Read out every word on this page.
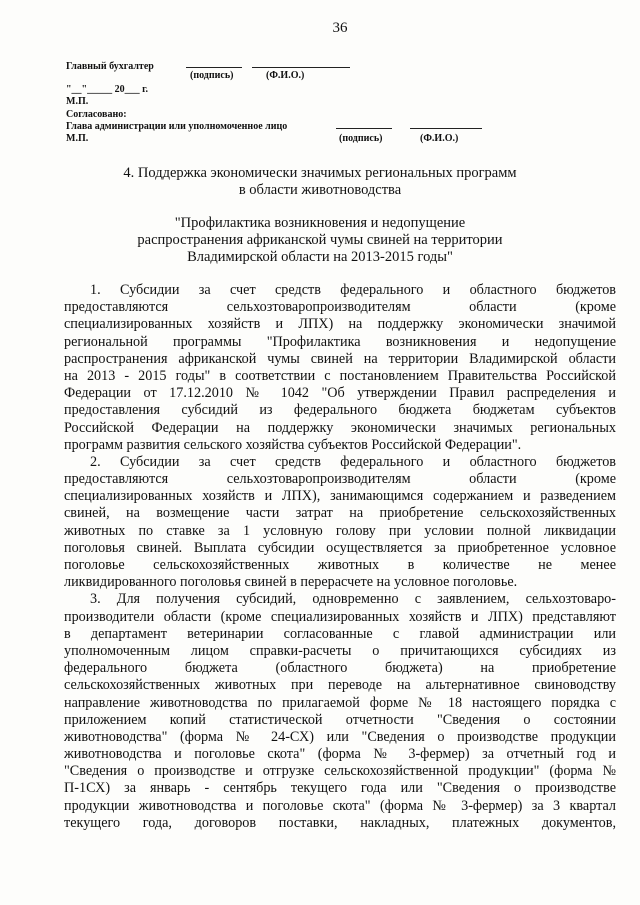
36
Главный бухгалтер
(подпись)	(Ф.И.О.)
"__"_____ 20___ г.
М.П.
Согласовано:
Глава администрации или уполномоченное лицо
М.П.	(подпись)	(Ф.И.О.)
4. Поддержка экономически значимых региональных программ
в области животноводства
"Профилактика возникновения и недопущение
распространения африканской чумы свиней на территории
Владимирской области на 2013-2015 годы"
1. Субсидии за счет средств федерального и областного бюджетов
предоставляются сельхозтоваропроизводителям области (кроме
специализированных хозяйств и ЛПХ) на поддержку экономически значимой
региональной программы "Профилактика возникновения и недопущение
распространения африканской чумы свиней на территории Владимирской области
на 2013 - 2015 годы" в соответствии с постановлением Правительства Российской
Федерации от 17.12.2010 № 1042 "Об утверждении Правил распределения и
предоставления субсидий из федерального бюджета бюджетам субъектов
Российской Федерации на поддержку экономически значимых региональных
программ развития сельского хозяйства субъектов Российской Федерации".
2. Субсидии за счет средств федерального и областного бюджетов
предоставляются сельхозтоваропроизводителям области (кроме
специализированных хозяйств и ЛПХ), занимающимся содержанием и разведением
свиней, на возмещение части затрат на приобретение сельскохозяйственных
животных по ставке за 1 условную голову при условии полной ликвидации
поголовья свиней. Выплата субсидии осуществляется за приобретенное условное
поголовье сельскохозяйственных животных в количестве не менее
ликвидированного поголовья свиней в перерасчете на условное поголовье.
3. Для получения субсидий, одновременно с заявлением, сельхозтоваро-
производители области (кроме специализированных хозяйств и ЛПХ) представляют
в департамент ветеринарии согласованные с главой администрации или
уполномоченным лицом справки-расчеты о причитающихся субсидиях из
федерального бюджета (областного бюджета) на приобретение
сельскохозяйственных животных при переводе на альтернативное свиноводству
направление животноводства по прилагаемой форме № 18 настоящего порядка с
приложением копий статистической отчетности "Сведения о состоянии
животноводства" (форма № 24-СХ) или "Сведения о производстве продукции
животноводства и поголовье скота" (форма № 3-фермер) за отчетный год и
"Сведения о производстве и отгрузке сельскохозяйственной продукции" (форма №
П-1СХ) за январь - сентябрь текущего года или "Сведения о производстве
продукции животноводства и поголовье скота" (форма № 3-фермер) за 3 квартал
текущего года, договоров поставки, накладных, платежных документов,
